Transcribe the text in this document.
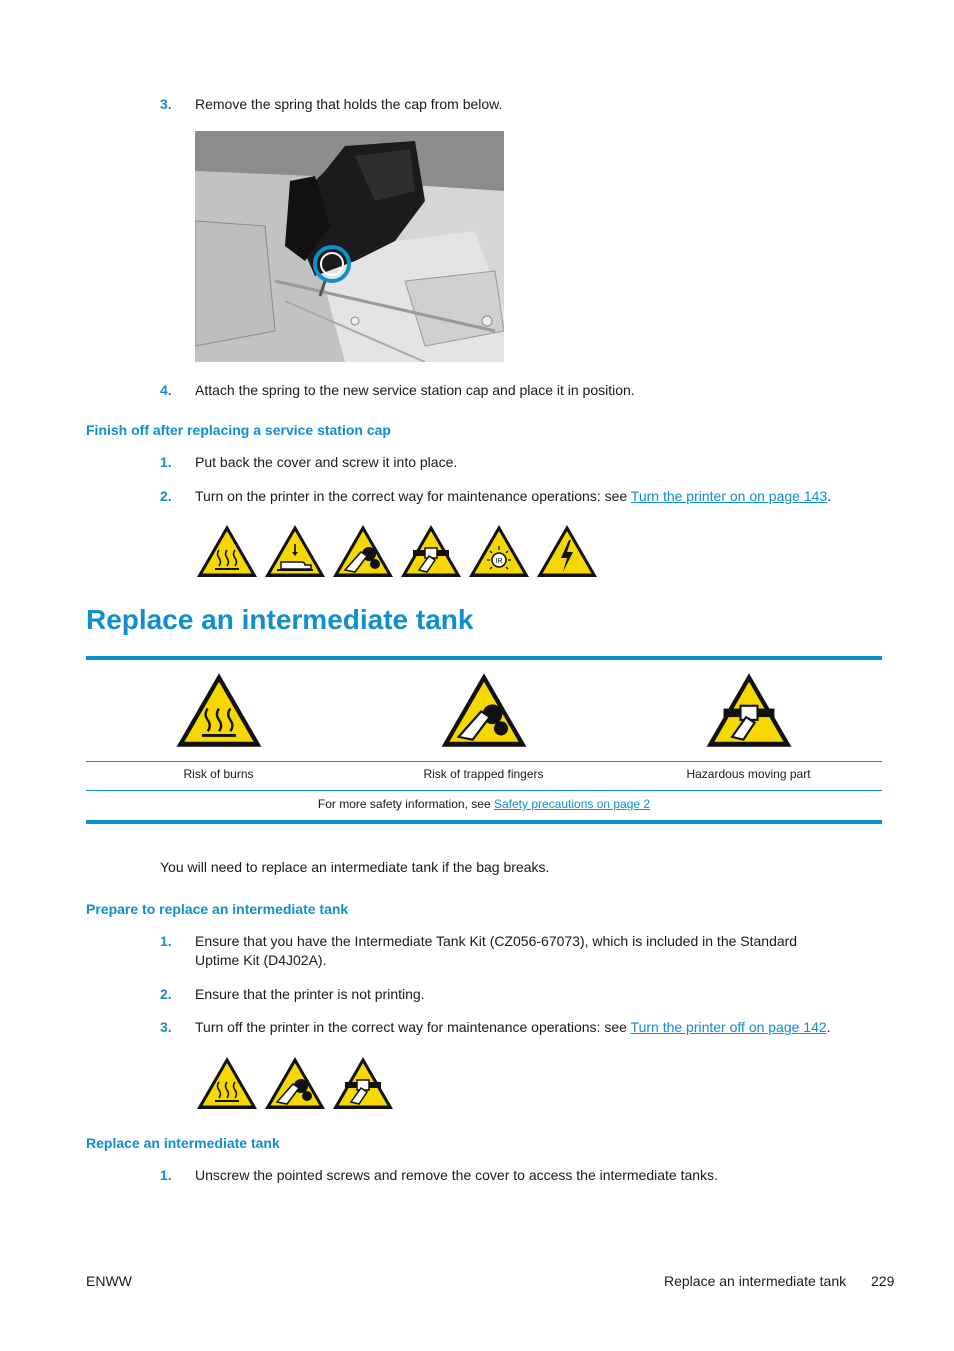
3. Remove the spring that holds the cap from below.
4. Attach the spring to the new service station cap and place it in position.
Finish off after replacing a service station cap
1. Put back the cover and screw it into place.
2. Turn on the printer in the correct way for maintenance operations: see Turn the printer on on page 143.
IR
Replace an intermediate tank
Risk of burns	Risk of trapped fingers	Hazardous moving part
For more safety information, see Safety precautions on page 2
You will need to replace an intermediate tank if the bag breaks.
Prepare to replace an intermediate tank
1. Ensure that you have the Intermediate Tank Kit (CZ056-67073), which is included in the Standard
Uptime Kit (D4J02A).
2. Ensure that the printer is not printing.
3. Turn off the printer in the correct way for maintenance operations: see Turn the printer off on page 142.
Replace an intermediate tank
1. Unscrew the pointed screws and remove the cover to access the intermediate tanks.
ENWW	Replace an intermediate tank 229
